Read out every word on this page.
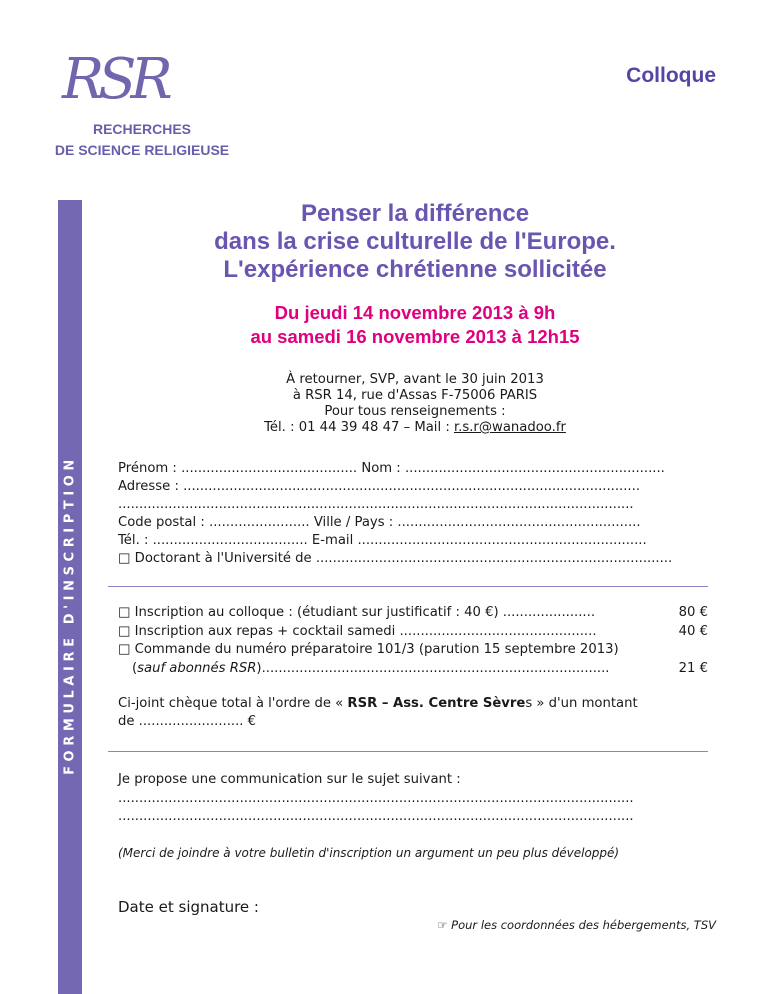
RSR	Colloque
RECHERCHES
DE SCIENCE RELIGIEUSE
FORMULAIRE D'INSCRIPTION
Penser la différence
dans la crise culturelle de l'Europe.
L'expérience chrétienne sollicitée
Du jeudi 14 novembre 2013 à 9h
au samedi 16 novembre 2013 à 12h15
À retourner, SVP, avant le 30 juin 2013
à RSR 14, rue d'Assas F-75006 PARIS
Pour tous renseignements :
Tél. : 01 44 39 48 47 – Mail : r.s.r@wanadoo.fr
Prénom : .......................................... Nom : ..............................................................
Adresse : .............................................................................................................
...........................................................................................................................
Code postal : ........................ Ville / Pays : ..........................................................
Tél. : ..................................... E-mail .....................................................................
□ Doctorant à l'Université de .....................................................................................
□ Inscription au colloque : (étudiant sur justificatif : 40 €) ......................	80 €
□ Inscription aux repas + cocktail samedi ...............................................	40 €
□ Commande du numéro préparatoire 101/3 (parution 15 septembre 2013)
(sauf abonnés RSR)...................................................................................	21 €
Ci-joint chèque total à l'ordre de « RSR – Ass. Centre Sèvres » d'un montant
de ......................... €
Je propose une communication sur le sujet suivant :
...........................................................................................................................
...........................................................................................................................
(Merci de joindre à votre bulletin d'inscription un argument un peu plus développé)
Date et signature :
☞ Pour les coordonnées des hébergements, TSV
